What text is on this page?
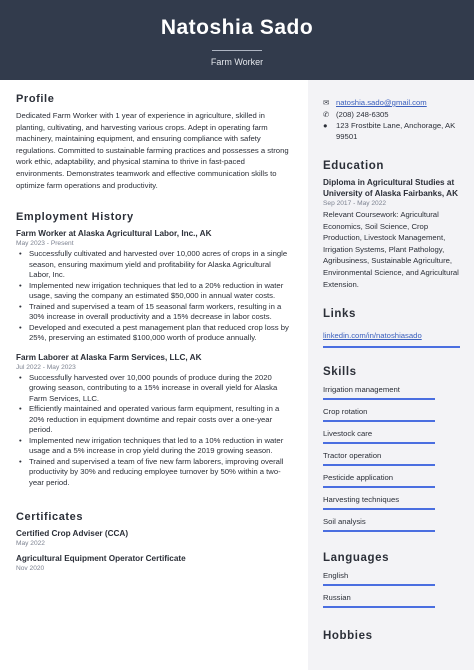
Natoshia Sado
Farm Worker
Profile
Dedicated Farm Worker with 1 year of experience in agriculture, skilled in planting, cultivating, and harvesting various crops. Adept in operating farm machinery, maintaining equipment, and ensuring compliance with safety regulations. Committed to sustainable farming practices and possesses a strong work ethic, adaptability, and physical stamina to thrive in fast-paced environments. Demonstrates teamwork and effective communication skills to optimize farm operations and productivity.
Employment History
Farm Worker at Alaska Agricultural Labor, Inc., AK
May 2023 - Present
• Successfully cultivated and harvested over 10,000 acres of crops in a single season, ensuring maximum yield and profitability for Alaska Agricultural Labor, Inc.
• Implemented new irrigation techniques that led to a 20% reduction in water usage, saving the company an estimated $50,000 in annual water costs.
• Trained and supervised a team of 15 seasonal farm workers, resulting in a 30% increase in overall productivity and a 15% decrease in labor costs.
• Developed and executed a pest management plan that reduced crop loss by 25%, preserving an estimated $100,000 worth of produce annually.
Farm Laborer at Alaska Farm Services, LLC, AK
Jul 2022 - May 2023
• Successfully harvested over 10,000 pounds of produce during the 2020 growing season, contributing to a 15% increase in overall yield for Alaska Farm Services, LLC.
• Efficiently maintained and operated various farm equipment, resulting in a 20% reduction in equipment downtime and repair costs over a one-year period.
• Implemented new irrigation techniques that led to a 10% reduction in water usage and a 5% increase in crop yield during the 2019 growing season.
• Trained and supervised a team of five new farm laborers, improving overall productivity by 30% and reducing employee turnover by 50% within a two-year period.
Certificates
Certified Crop Adviser (CCA)
May 2022
Agricultural Equipment Operator Certificate
Nov 2020
✉ natoshia.sado@gmail.com
✆ (208) 248-6305
●	123 Frostbite Lane, Anchorage, AK 99501
Education
Diploma in Agricultural Studies at University of Alaska Fairbanks, AK
Sep 2017 - May 2022
Relevant Coursework: Agricultural Economics, Soil Science, Crop Production, Livestock Management, Irrigation Systems, Plant Pathology, Agribusiness, Sustainable Agriculture, Environmental Science, and Agricultural Extension.
Links
linkedin.com/in/natoshiasado
Skills
Irrigation management
Crop rotation
Livestock care
Tractor operation
Pesticide application
Harvesting techniques
Soil analysis
Languages
English
Russian
Hobbies
